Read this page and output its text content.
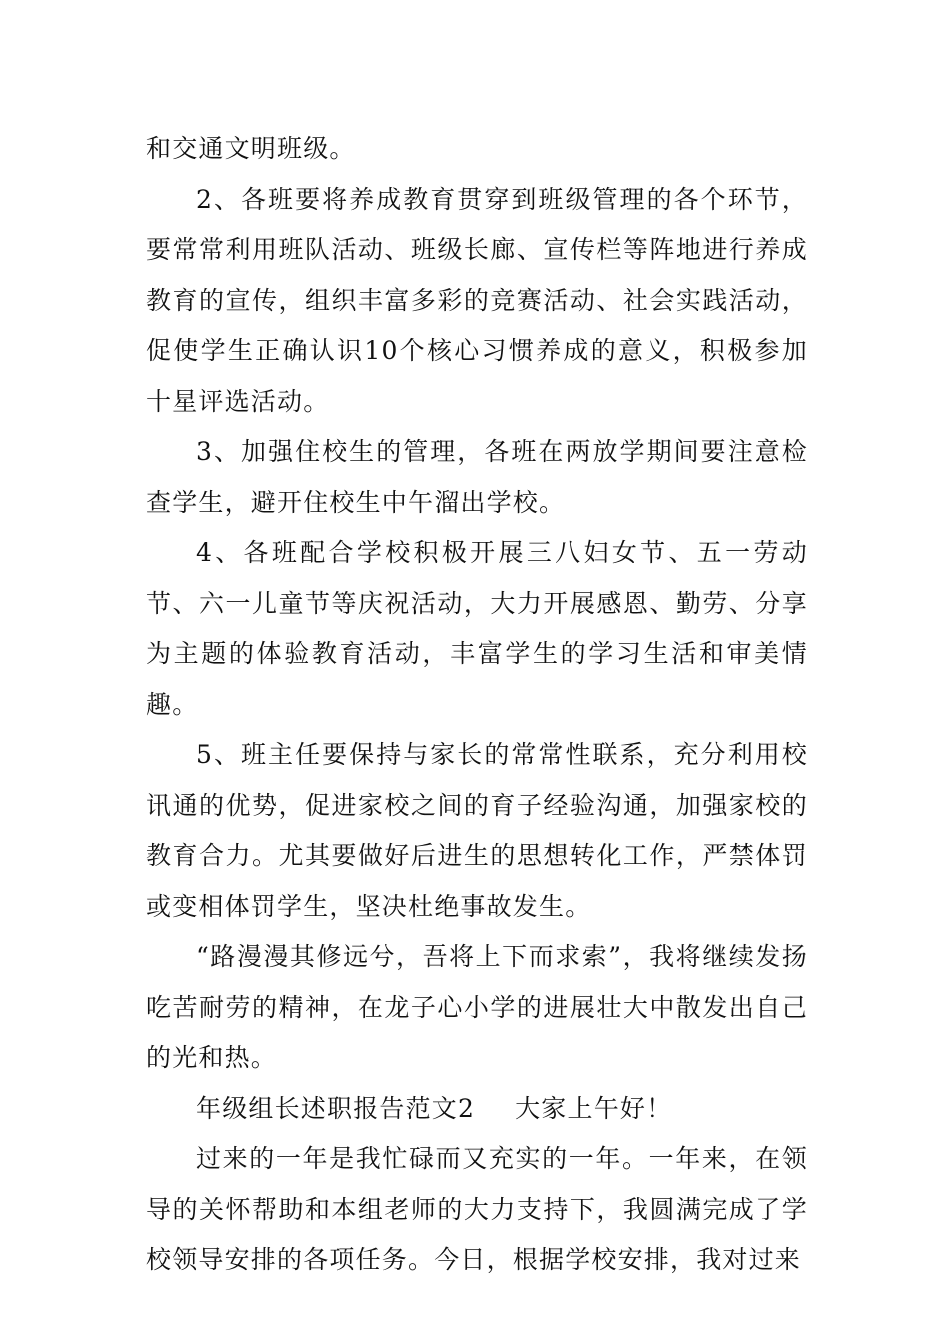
和交通文明班级。

2、各班要将养成教育贯穿到班级管理的各个环节，要常常利用班队活动、班级长廊、宣传栏等阵地进行养成教育的宣传，组织丰富多彩的竞赛活动、社会实践活动，促使学生正确认识10个核心习惯养成的意义，积极参加十星评选活动。

3、加强住校生的管理，各班在两放学期间要注意检查学生，避开住校生中午溜出学校。

4、各班配合学校积极开展三八妇女节、五一劳动节、六一儿童节等庆祝活动，大力开展感恩、勤劳、分享为主题的体验教育活动，丰富学生的学习生活和审美情趣。

5、班主任要保持与家长的常常性联系，充分利用校讯通的优势，促进家校之间的育子经验沟通，加强家校的教育合力。尤其要做好后进生的思想转化工作，严禁体罚或变相体罚学生，坚决杜绝事故发生。

“路漫漫其修远兮，吾将上下而求索”，我将继续发扬吃苦耐劳的精神，在龙子心小学的进展壮大中散发出自己的光和热。

年级组长述职报告范文2 大家上午好！

过来的一年是我忙碌而又充实的一年。一年来，在领导的关怀帮助和本组老师的大力支持下，我圆满完成了学校领导安排的各项任务。今日，根据学校安排，我对过来
